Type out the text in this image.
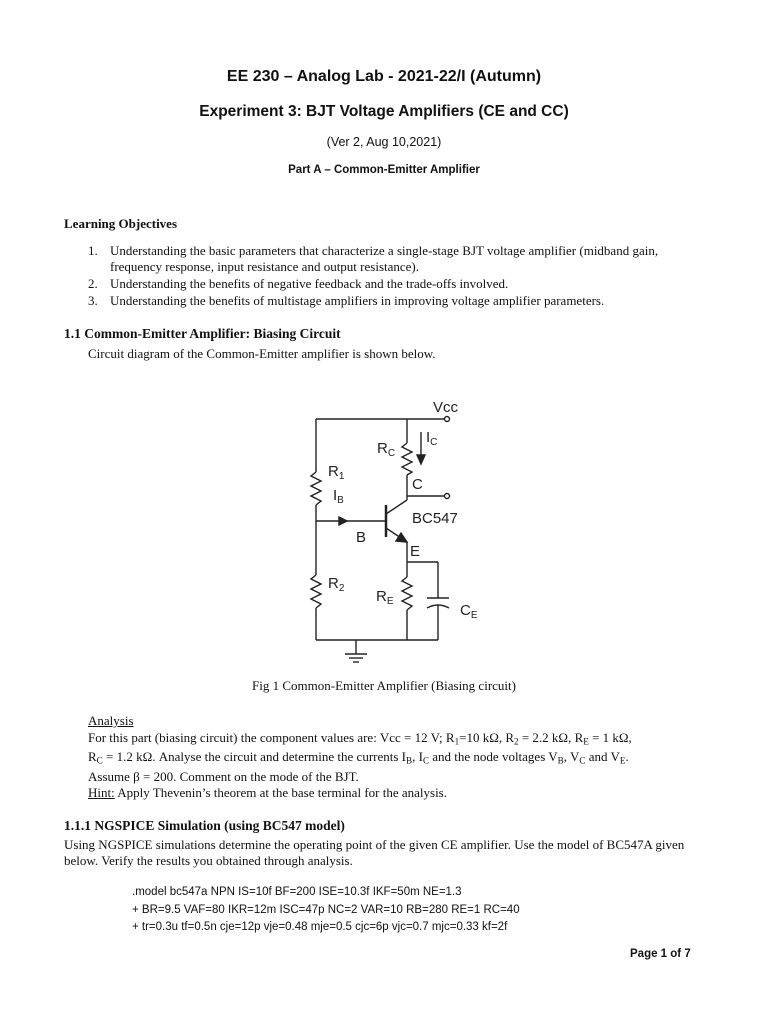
EE 230 – Analog Lab - 2021-22/I (Autumn)
Experiment 3: BJT Voltage Amplifiers (CE and CC)
(Ver 2, Aug 10,2021)
Part A – Common-Emitter Amplifier
Learning Objectives
1. Understanding the basic parameters that characterize a single-stage BJT voltage amplifier (midband gain, frequency response, input resistance and output resistance).
2. Understanding the benefits of negative feedback and the trade-offs involved.
3. Understanding the benefits of multistage amplifiers in improving voltage amplifier parameters.
1.1 Common-Emitter Amplifier: Biasing Circuit
Circuit diagram of the Common-Emitter amplifier is shown below.
Vcc
$R_C$
$I_C$
$R_1$
$I_B$
C
BC547
B
E
$R_2$ $R_E$
$C_E$
Fig 1 Common-Emitter Amplifier (Biasing circuit)
Analysis

For this part (biasing circuit) the component values are: Vcc = 12 V; $R_1=10$ kΩ, $R_2 = 2.2$ kΩ, $R_E = 1$ kΩ,

$R_C = 1.2$ kΩ. Analyse the circuit and determine the currents $I_B$, $I_C$ and the node voltages $V_B$, $V_C$ and $V_E$.

Assume β = 200. Comment on the mode of the BJT.

Hint: Apply Thevenin’s theorem at the base terminal for the analysis.

1.1.1 NGSPICE Simulation (using BC547 model)
Using NGSPICE simulations determine the operating point of the given CE amplifier. Use the model of BC547A given below. Verify the results you obtained through analysis.
.model bc547a NPN IS=10f BF=200 ISE=10.3f IKF=50m NE=1.3
+ BR=9.5 VAF=80 IKR=12m ISC=47p NC=2 VAR=10 RB=280 RE=1 RC=40
+ tr=0.3u tf=0.5n cje=12p vje=0.48 mje=0.5 cjc=6p vjc=0.7 mjc=0.33 kf=2f
Page 1 of 7
